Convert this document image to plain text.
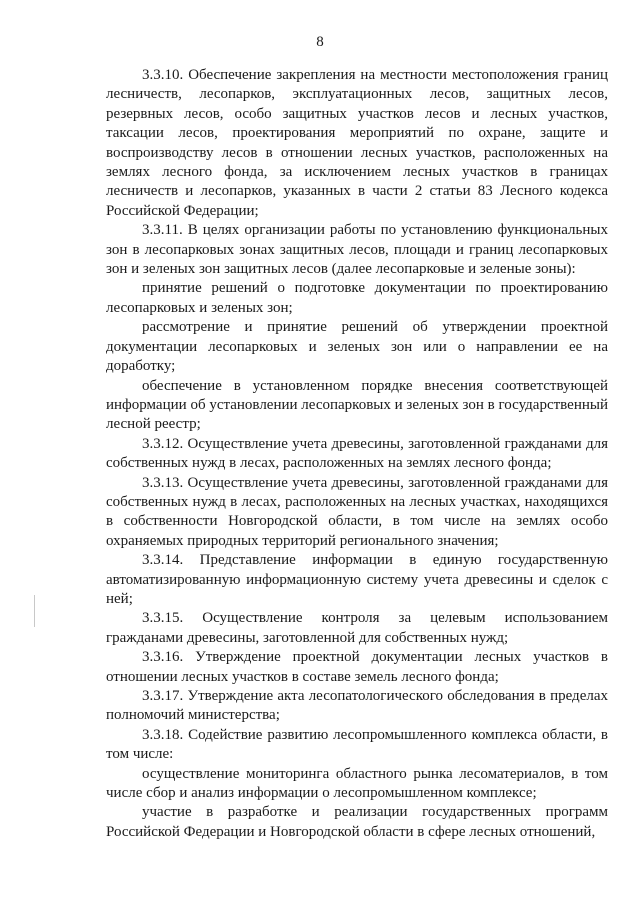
8

3.3.10. Обеспечение закрепления на местности местоположения границ лесничеств, лесопарков, эксплуатационных лесов, защитных лесов, резервных лесов, особо защитных участков лесов и лесных участков, таксации лесов, проектирования мероприятий по охране, защите и воспроизводству лесов в отношении лесных участков, расположенных на землях лесного фонда, за исключением лесных участков в границах лесничеств и лесопарков, указанных в части 2 статьи 83 Лесного кодекса Российской Федерации;

3.3.11. В целях организации работы по установлению функциональных зон в лесопарковых зонах защитных лесов, площади и границ лесопарковых зон и зеленых зон защитных лесов (далее лесопарковые и зеленые зоны):

принятие решений о подготовке документации по проектированию лесопарковых и зеленых зон;

рассмотрение и принятие решений об утверждении проектной документации лесопарковых и зеленых зон или о направлении ее на доработку;

обеспечение в установленном порядке внесения соответствующей информации об установлении лесопарковых и зеленых зон в государственный лесной реестр;

3.3.12. Осуществление учета древесины, заготовленной гражданами для собственных нужд в лесах, расположенных на землях лесного фонда;

3.3.13. Осуществление учета древесины, заготовленной гражданами для собственных нужд в лесах, расположенных на лесных участках, находящихся в собственности Новгородской области, в том числе на землях особо охраняемых природных территорий регионального значения;

3.3.14. Представление информации в единую государственную автоматизированную информационную систему учета древесины и сделок с ней;

3.3.15. Осуществление контроля за целевым использованием гражданами древесины, заготовленной для собственных нужд;

3.3.16. Утверждение проектной документации лесных участков в отношении лесных участков в составе земель лесного фонда;

3.3.17. Утверждение акта лесопатологического обследования в пределах полномочий министерства;

3.3.18. Содействие развитию лесопромышленного комплекса области, в том числе:

осуществление мониторинга областного рынка лесоматериалов, в том числе сбор и анализ информации о лесопромышленном комплексе;

участие в разработке и реализации государственных программ Российской Федерации и Новгородской области в сфере лесных отношений,
